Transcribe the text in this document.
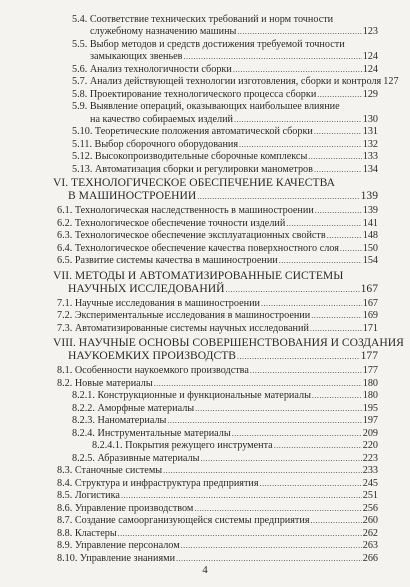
5.4. Соответствие технических требований и норм точности
служебному назначению машины .....	123
5.5. Выбор методов и средств достижения требуемой точности
замыкающих звеньев .....	124
5.6. Анализ технологичности сборки .....	124
5.7. Анализ действующей технологии изготовления, сборки и контроля 127
5.8. Проектирование технологического процесса сборки .....	129
5.9. Выявление операций, оказывающих наибольшее влияние
на качество собираемых изделий .....	130
5.10. Теоретические положения автоматической сборки .....	131
5.11. Выбор сборочного оборудования .....	132
5.12. Высокопроизводительные сборочные комплексы .....	133
5.13. Автоматизация сборки и регулировки манометров .....	134
VI. ТЕХНОЛОГИЧЕСКОЕ ОБЕСПЕЧЕНИЕ КАЧЕСТВА
В МАШИНОСТРОЕНИИ .....	139
6.1. Технологическая наследственность в машиностроении .....	139
6.2. Технологическое обеспечение точности изделий .....	141
6.3. Технологическое обеспечение эксплуатационных свойств .....	148
6.4. Технологическое обеспечение качества поверхностного слоя ..... 150
6.5. Развитие системы качества в машиностроении .....	154
VII. МЕТОДЫ И АВТОМАТИЗИРОВАННЫЕ СИСТЕМЫ
НАУЧНЫХ ИССЛЕДОВАНИЙ .....	167
7.1. Научные исследования в машиностроении .....	167
7.2. Экспериментальные исследования в машиностроении .....	169
7.3. Автоматизированные системы научных исследований .....	171
VIII. НАУЧНЫЕ ОСНОВЫ СОВЕРШЕНСТВОВАНИЯ И СОЗДАНИЯ
НАУКОЕМКИХ ПРОИЗВОДСТВ .....	177
8.1. Особенности наукоемкого производства .....	177
8.2. Новые материалы .....	180
8.2.1. Конструкционные и функциональные материалы .....	180
8.2.2. Аморфные материалы .....	195
8.2.3. Наноматериалы .....	197
8.2.4. Инструментальные материалы .....	209
8.2.4.1. Покрытия режущего инструмента .....	220
8.2.5. Абразивные материалы .....	223
8.3. Станочные системы .....	233
8.4. Структура и инфраструктура предприятия .....	245
8.5. Логистика .....	251
8.6. Управление производством .....	256
8.7. Создание самоорганизующейся системы предприятия .....	260
8.8. Кластеры .....	262
8.9. Управление персоналом .....	263
8.10. Управление знаниями .....	266
4
